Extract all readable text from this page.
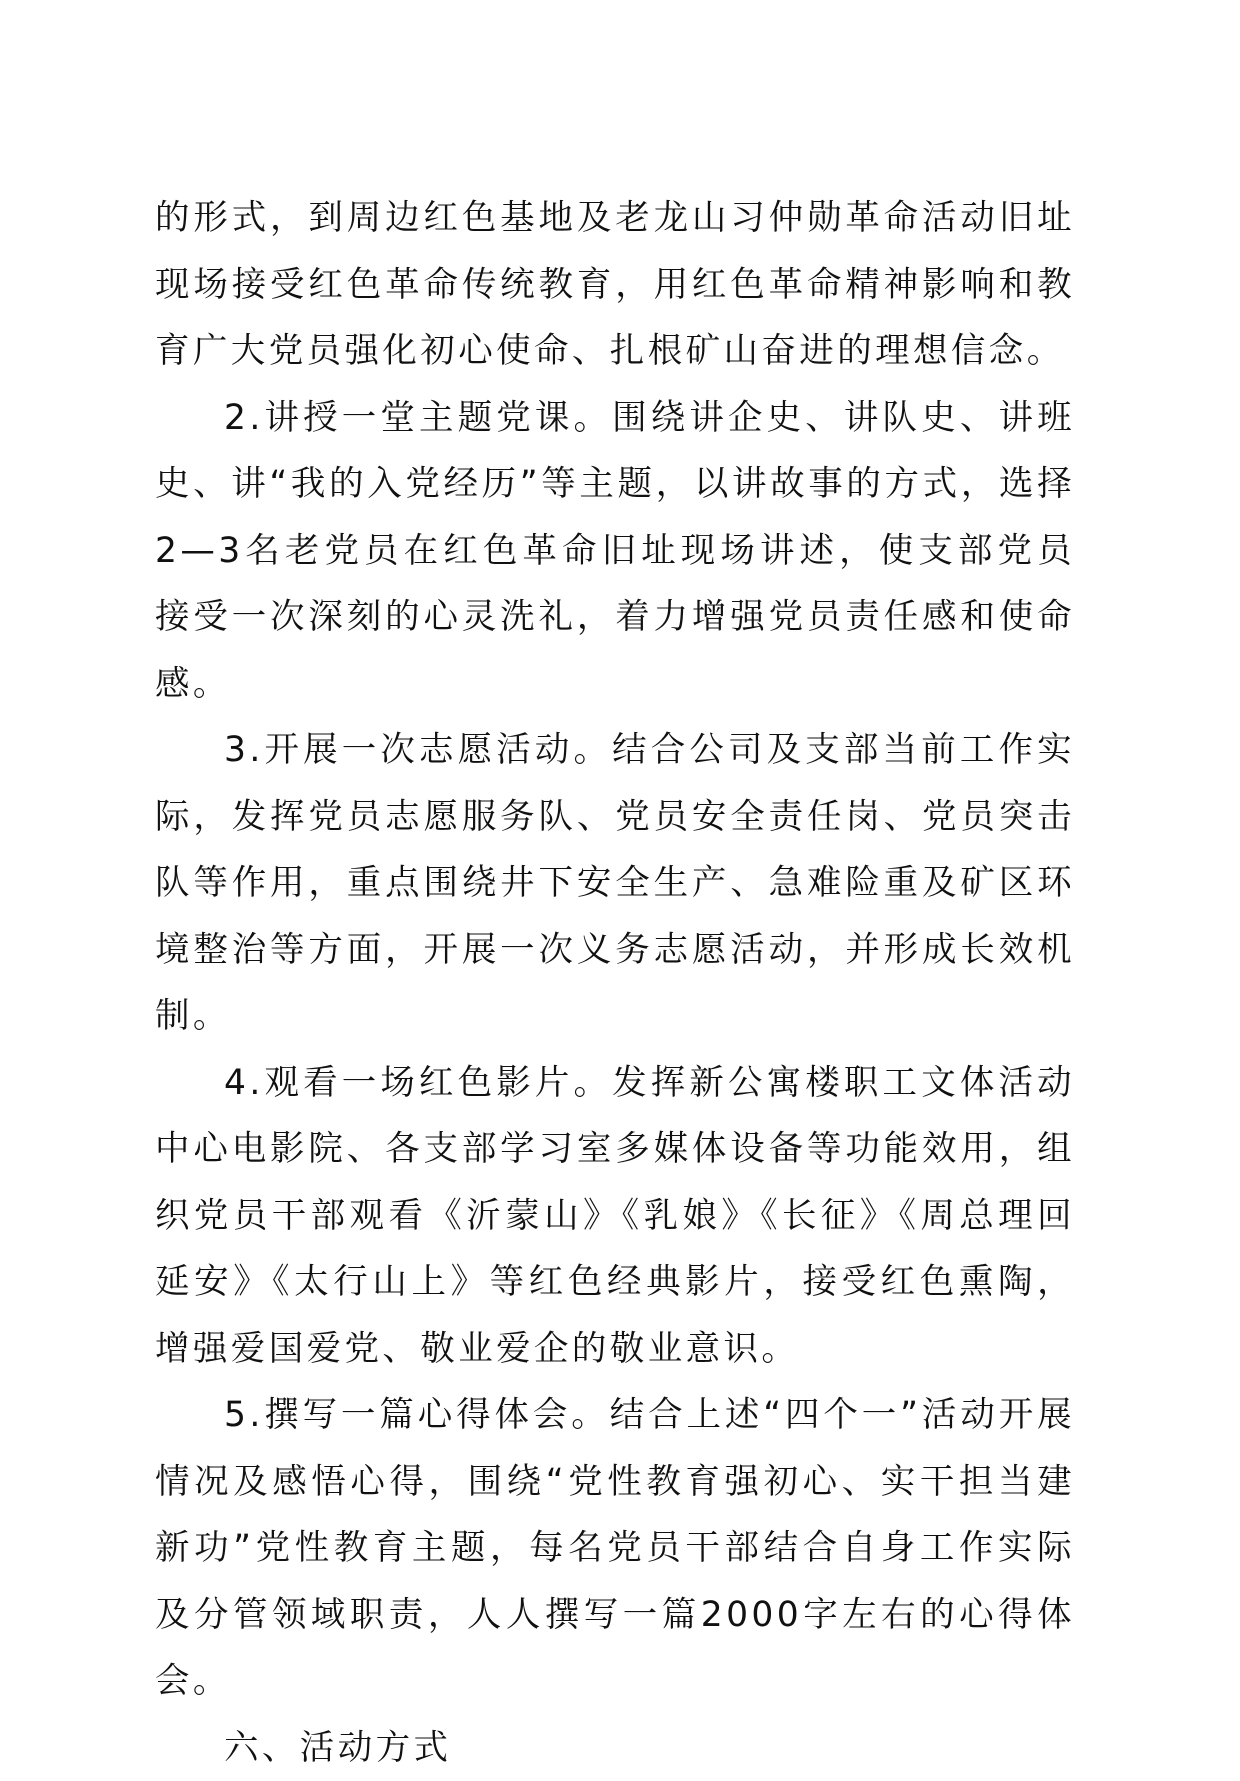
的形式，到周边红色基地及老龙山习仲勋革命活动旧址现场接受红色革命传统教育，用红色革命精神影响和教育广大党员强化初心使命、扎根矿山奋进的理想信念。

2.讲授一堂主题党课。围绕讲企史、讲队史、讲班史、讲“我的入党经历”等主题，以讲故事的方式，选择2—3名老党员在红色革命旧址现场讲述，使支部党员接受一次深刻的心灵洗礼，着力增强党员责任感和使命感。

3.开展一次志愿活动。结合公司及支部当前工作实际，发挥党员志愿服务队、党员安全责任岗、党员突击队等作用，重点围绕井下安全生产、急难险重及矿区环境整治等方面，开展一次义务志愿活动，并形成长效机制。

4.观看一场红色影片。发挥新公寓楼职工文体活动中心电影院、各支部学习室多媒体设备等功能效用，组织党员干部观看《沂蒙山》《乳娘》《长征》《周总理回延安》《太行山上》等红色经典影片，接受红色熏陶，增强爱国爱党、敬业爱企的敬业意识。

5.撰写一篇心得体会。结合上述“四个一”活动开展情况及感悟心得，围绕“党性教育强初心、实干担当建新功”党性教育主题，每名党员干部结合自身工作实际及分管领域职责，人人撰写一篇2000字左右的心得体会。

六、活动方式
